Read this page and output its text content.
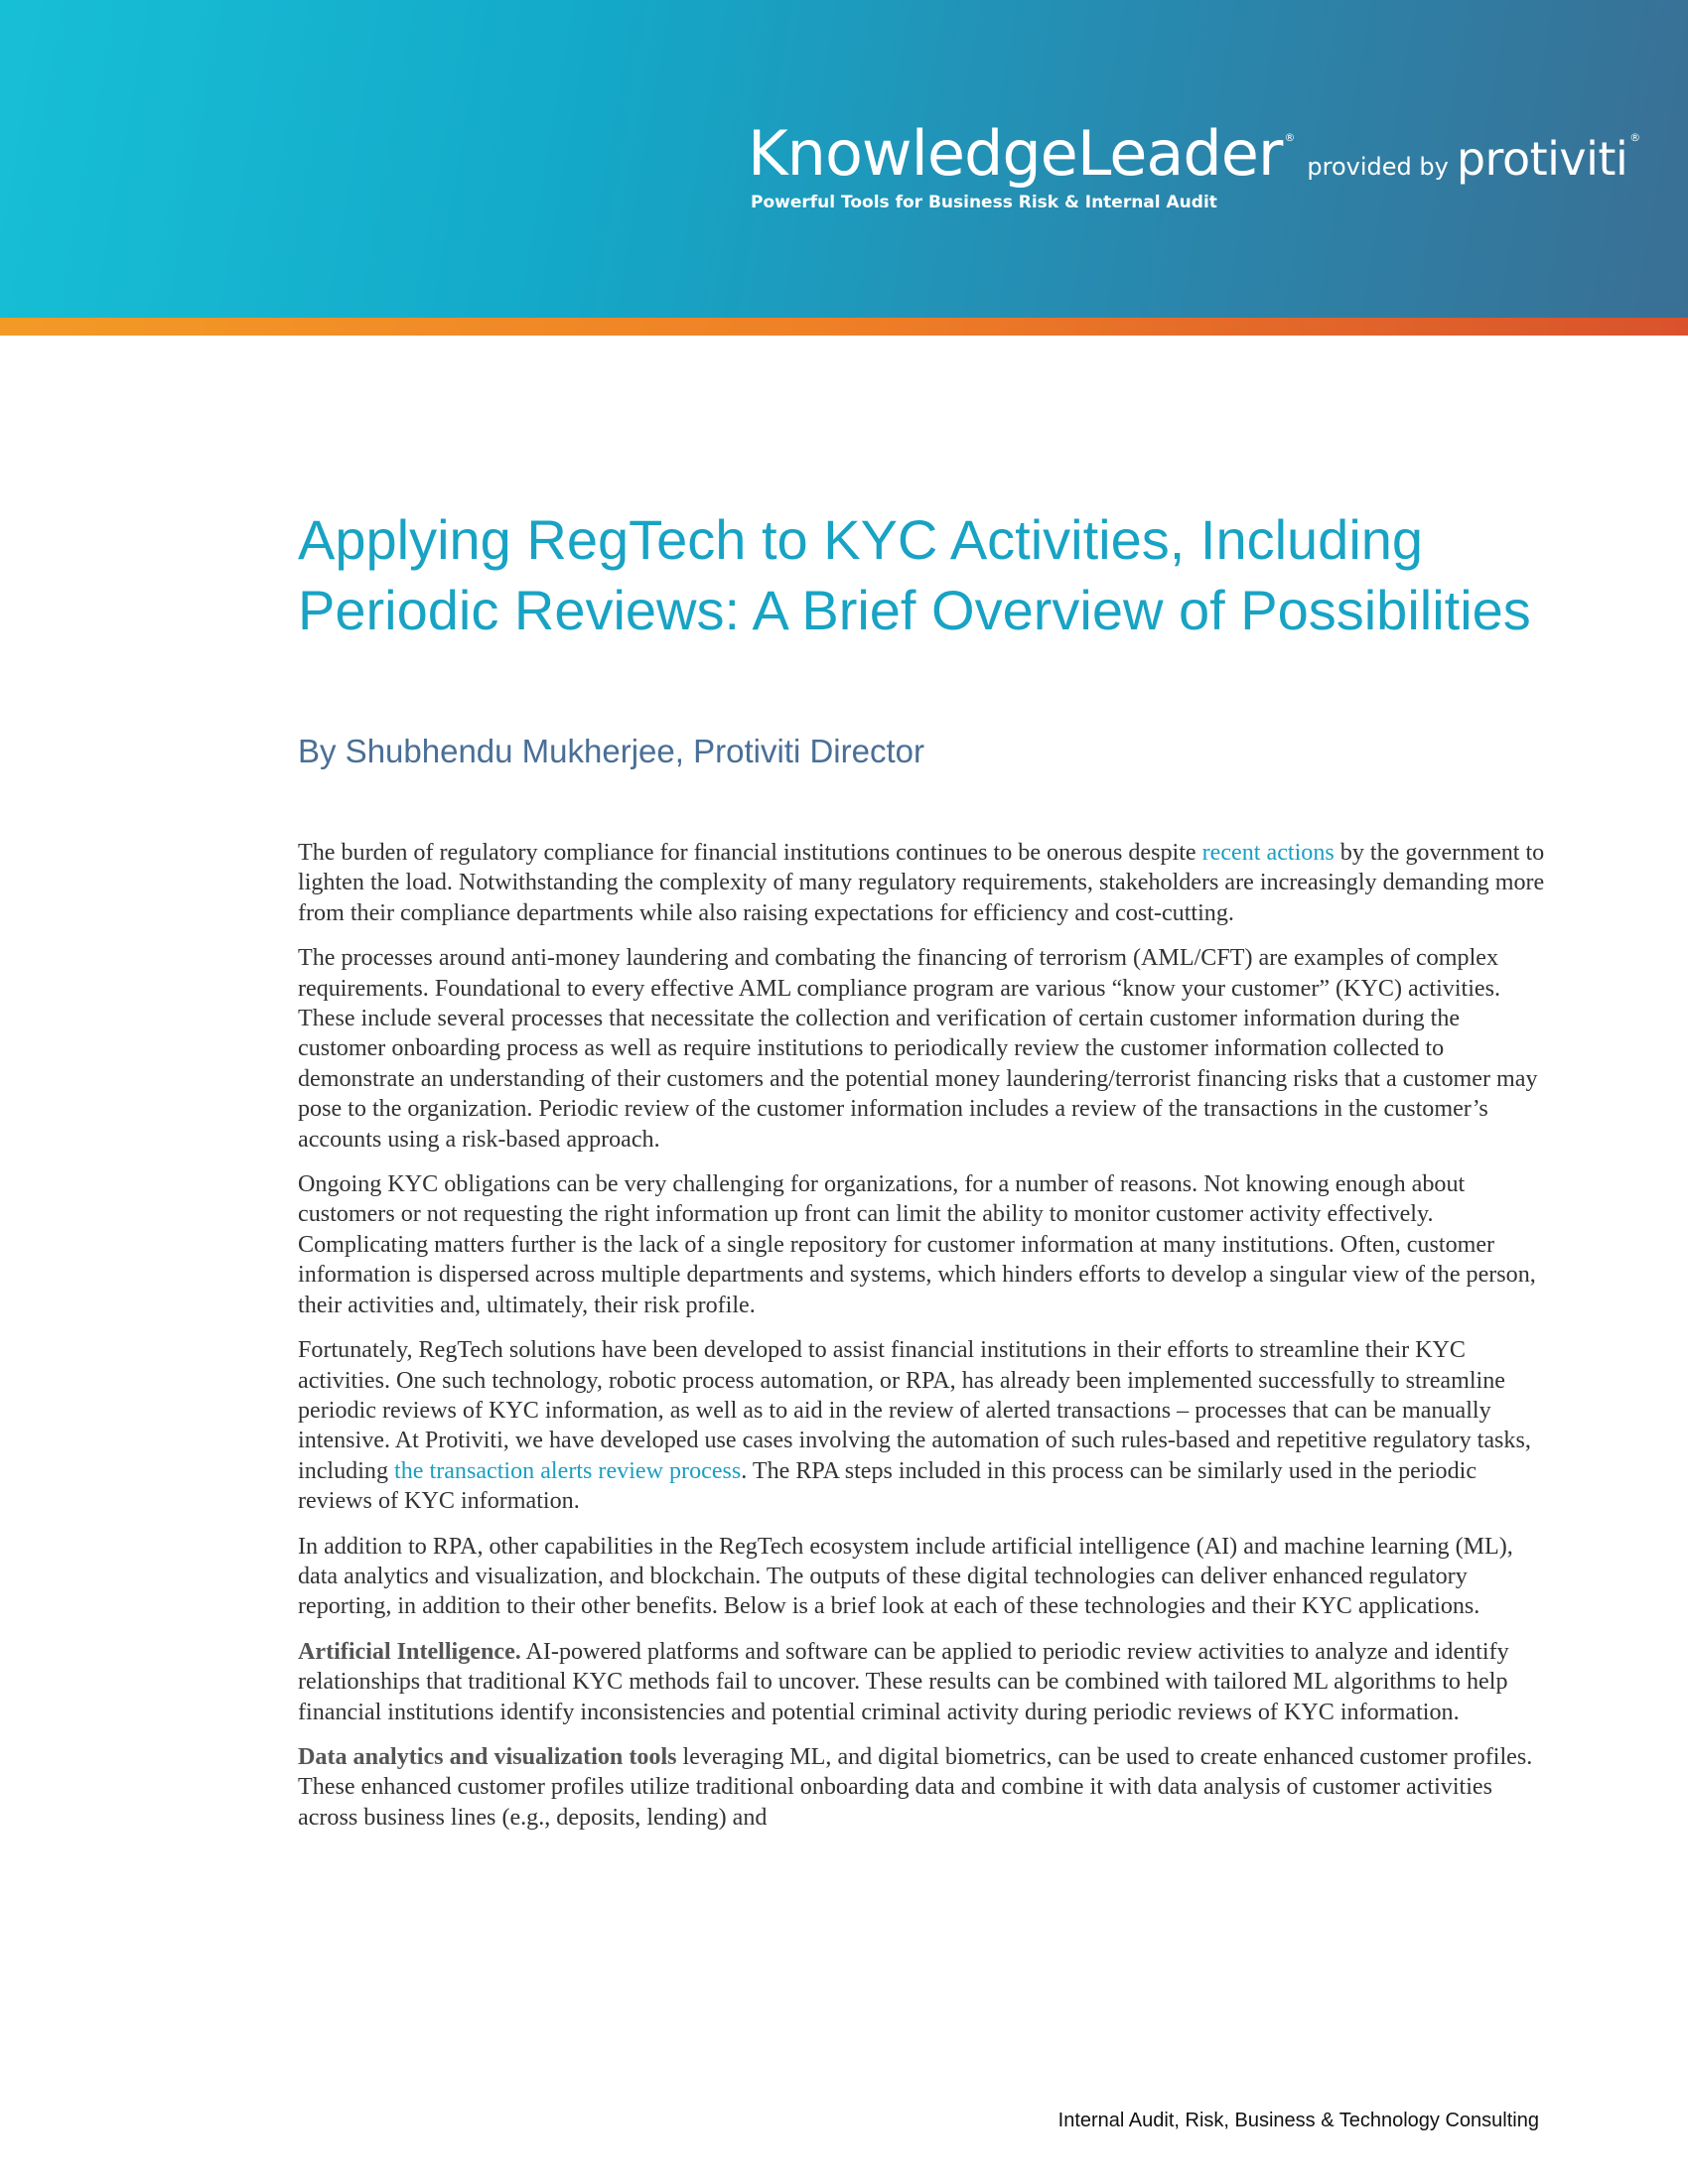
KnowledgeLeader ®provided by protiviti ®
Powerful Tools for Business Risk & Internal Audit
Applying RegTech to KYC Activities, Including Periodic Reviews: A Brief Overview of Possibilities

By Shubhendu Mukherjee, Protiviti Director

The burden of regulatory compliance for financial institutions continues to be onerous despite recent actions by the government to lighten the load. Notwithstanding the complexity of many regulatory requirements, stakeholders are increasingly demanding more from their compliance departments while also raising expectations for efficiency and cost-cutting.

The processes around anti-money laundering and combating the financing of terrorism (AML/CFT) are examples of complex requirements. Foundational to every effective AML compliance program are various “know your customer” (KYC) activities. These include several processes that necessitate the collection and verification of certain customer information during the customer onboarding process as well as require institutions to periodically review the customer information collected to demonstrate an understanding of their customers and the potential money laundering/terrorist financing risks that a customer may pose to the organization. Periodic review of the customer information includes a review of the transactions in the customer’s accounts using a risk-based approach.

Ongoing KYC obligations can be very challenging for organizations, for a number of reasons. Not knowing enough about customers or not requesting the right information up front can limit the ability to monitor customer activity effectively. Complicating matters further is the lack of a single repository for customer information at many institutions. Often, customer information is dispersed across multiple departments and systems, which hinders efforts to develop a singular view of the person, their activities and, ultimately, their risk profile.

Fortunately, RegTech solutions have been developed to assist financial institutions in their efforts to streamline their KYC activities. One such technology, robotic process automation, or RPA, has already been implemented successfully to streamline periodic reviews of KYC information, as well as to aid in the review of alerted transactions – processes that can be manually intensive. At Protiviti, we have developed use cases involving the automation of such rules-based and repetitive regulatory tasks, including the transaction alerts review process. The RPA steps included in this process can be similarly used in the periodic reviews of KYC information.

In addition to RPA, other capabilities in the RegTech ecosystem include artificial intelligence (AI) and machine learning (ML), data analytics and visualization, and blockchain. The outputs of these digital technologies can deliver enhanced regulatory reporting, in addition to their other benefits. Below is a brief look at each of these technologies and their KYC applications.

Artificial Intelligence. AI-powered platforms and software can be applied to periodic review activities to analyze and identify relationships that traditional KYC methods fail to uncover. These results can be combined with tailored ML algorithms to help financial institutions identify inconsistencies and potential criminal activity during periodic reviews of KYC information.

Data analytics and visualization tools leveraging ML, and digital biometrics, can be used to create enhanced customer profiles. These enhanced customer profiles utilize traditional onboarding data and combine it with data analysis of customer activities across business lines (e.g., deposits, lending) and

Internal Audit, Risk, Business & Technology Consulting
